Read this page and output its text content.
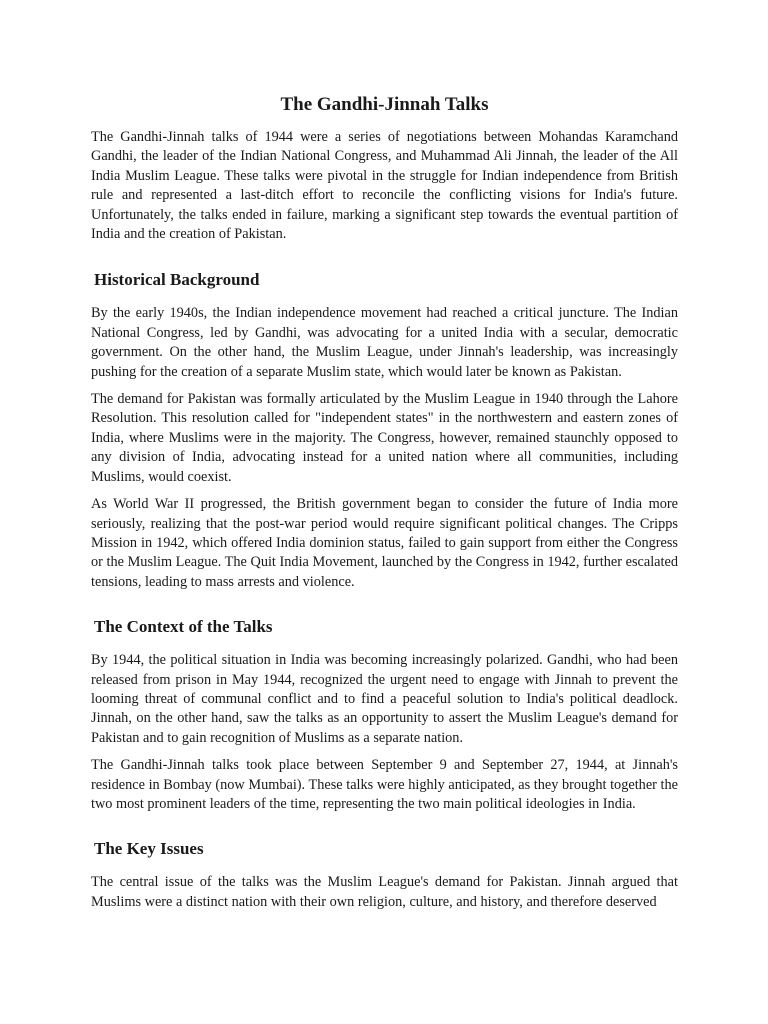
The Gandhi-Jinnah Talks

The Gandhi-Jinnah talks of 1944 were a series of negotiations between Mohandas Karamchand Gandhi, the leader of the Indian National Congress, and Muhammad Ali Jinnah, the leader of the All India Muslim League. These talks were pivotal in the struggle for Indian independence from British rule and represented a last-ditch effort to reconcile the conflicting visions for India's future. Unfortunately, the talks ended in failure, marking a significant step towards the eventual partition of India and the creation of Pakistan.

Historical Background

By the early 1940s, the Indian independence movement had reached a critical juncture. The Indian National Congress, led by Gandhi, was advocating for a united India with a secular, democratic government. On the other hand, the Muslim League, under Jinnah's leadership, was increasingly pushing for the creation of a separate Muslim state, which would later be known as Pakistan.

The demand for Pakistan was formally articulated by the Muslim League in 1940 through the Lahore Resolution. This resolution called for "independent states" in the northwestern and eastern zones of India, where Muslims were in the majority. The Congress, however, remained staunchly opposed to any division of India, advocating instead for a united nation where all communities, including Muslims, would coexist.

As World War II progressed, the British government began to consider the future of India more seriously, realizing that the post-war period would require significant political changes. The Cripps Mission in 1942, which offered India dominion status, failed to gain support from either the Congress or the Muslim League. The Quit India Movement, launched by the Congress in 1942, further escalated tensions, leading to mass arrests and violence.

The Context of the Talks

By 1944, the political situation in India was becoming increasingly polarized. Gandhi, who had been released from prison in May 1944, recognized the urgent need to engage with Jinnah to prevent the looming threat of communal conflict and to find a peaceful solution to India's political deadlock. Jinnah, on the other hand, saw the talks as an opportunity to assert the Muslim League's demand for Pakistan and to gain recognition of Muslims as a separate nation.

The Gandhi-Jinnah talks took place between September 9 and September 27, 1944, at Jinnah's residence in Bombay (now Mumbai). These talks were highly anticipated, as they brought together the two most prominent leaders of the time, representing the two main political ideologies in India.

The Key Issues

The central issue of the talks was the Muslim League's demand for Pakistan. Jinnah argued that Muslims were a distinct nation with their own religion, culture, and history, and therefore deserved
